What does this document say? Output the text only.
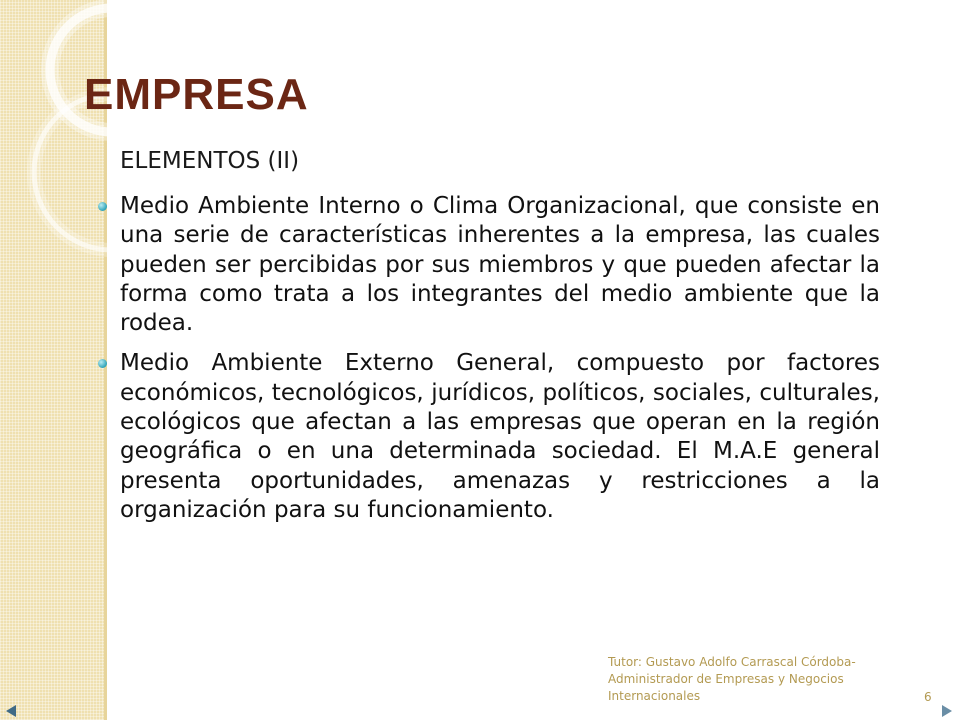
EMPRESA

ELEMENTOS (II)

Medio Ambiente Interno o Clima Organizacional, que consiste en una serie de características inherentes a la empresa, las cuales pueden ser percibidas por sus miembros y que pueden afectar la forma como trata a los integrantes del medio ambiente que la rodea.
Medio Ambiente Externo General, compuesto por factores económicos, tecnológicos, jurídicos, políticos, sociales, culturales, ecológicos que afectan a las empresas que operan en la región geográfica o en una determinada sociedad. El M.A.E general presenta oportunidades, amenazas y restricciones a la organización para su funcionamiento.
Tutor: Gustavo Adolfo Carrascal Córdoba- Administrador de Empresas y Negocios Internacionales	6
